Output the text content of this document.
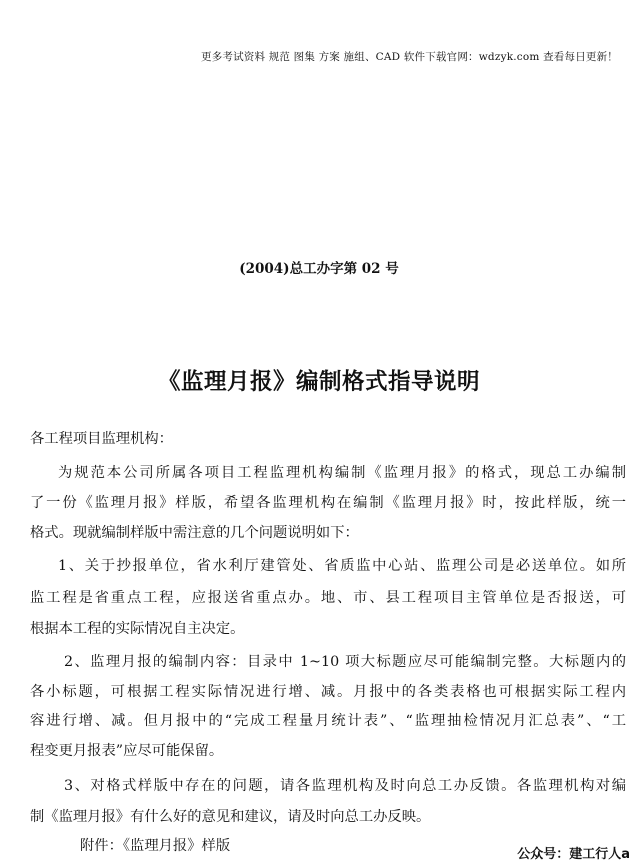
更多考试资料 规范 图集 方案 施组、CAD 软件下载官网：wdzyk.com 查看每日更新！
(2004)总工办字第 02 号
《监理月报》编制格式指导说明
各工程项目监理机构：
为规范本公司所属各项目工程监理机构编制《监理月报》的格式，现总工办编制
了一份《监理月报》样版，希望各监理机构在编制《监理月报》时，按此样版，统一
格式。现就编制样版中需注意的几个问题说明如下：
1、关于抄报单位，省水利厅建管处、省质监中心站、监理公司是必送单位。如所
监工程是省重点工程，应报送省重点办。地、市、县工程项目主管单位是否报送，可
根据本工程的实际情况自主决定。
2、监理月报的编制内容：目录中 1~10 项大标题应尽可能编制完整。大标题内的
各小标题，可根据工程实际情况进行增、减。月报中的各类表格也可根据实际工程内
容进行增、减。但月报中的“完成工程量月统计表”、“监理抽检情况月汇总表”、“工
程变更月报表”应尽可能保留。
3、对格式样版中存在的问题，请各监理机构及时向总工办反馈。各监理机构对编
制《监理月报》有什么好的意见和建议，请及时向总工办反映。
附件：《监理月报》样版
公众号：建工行人a
